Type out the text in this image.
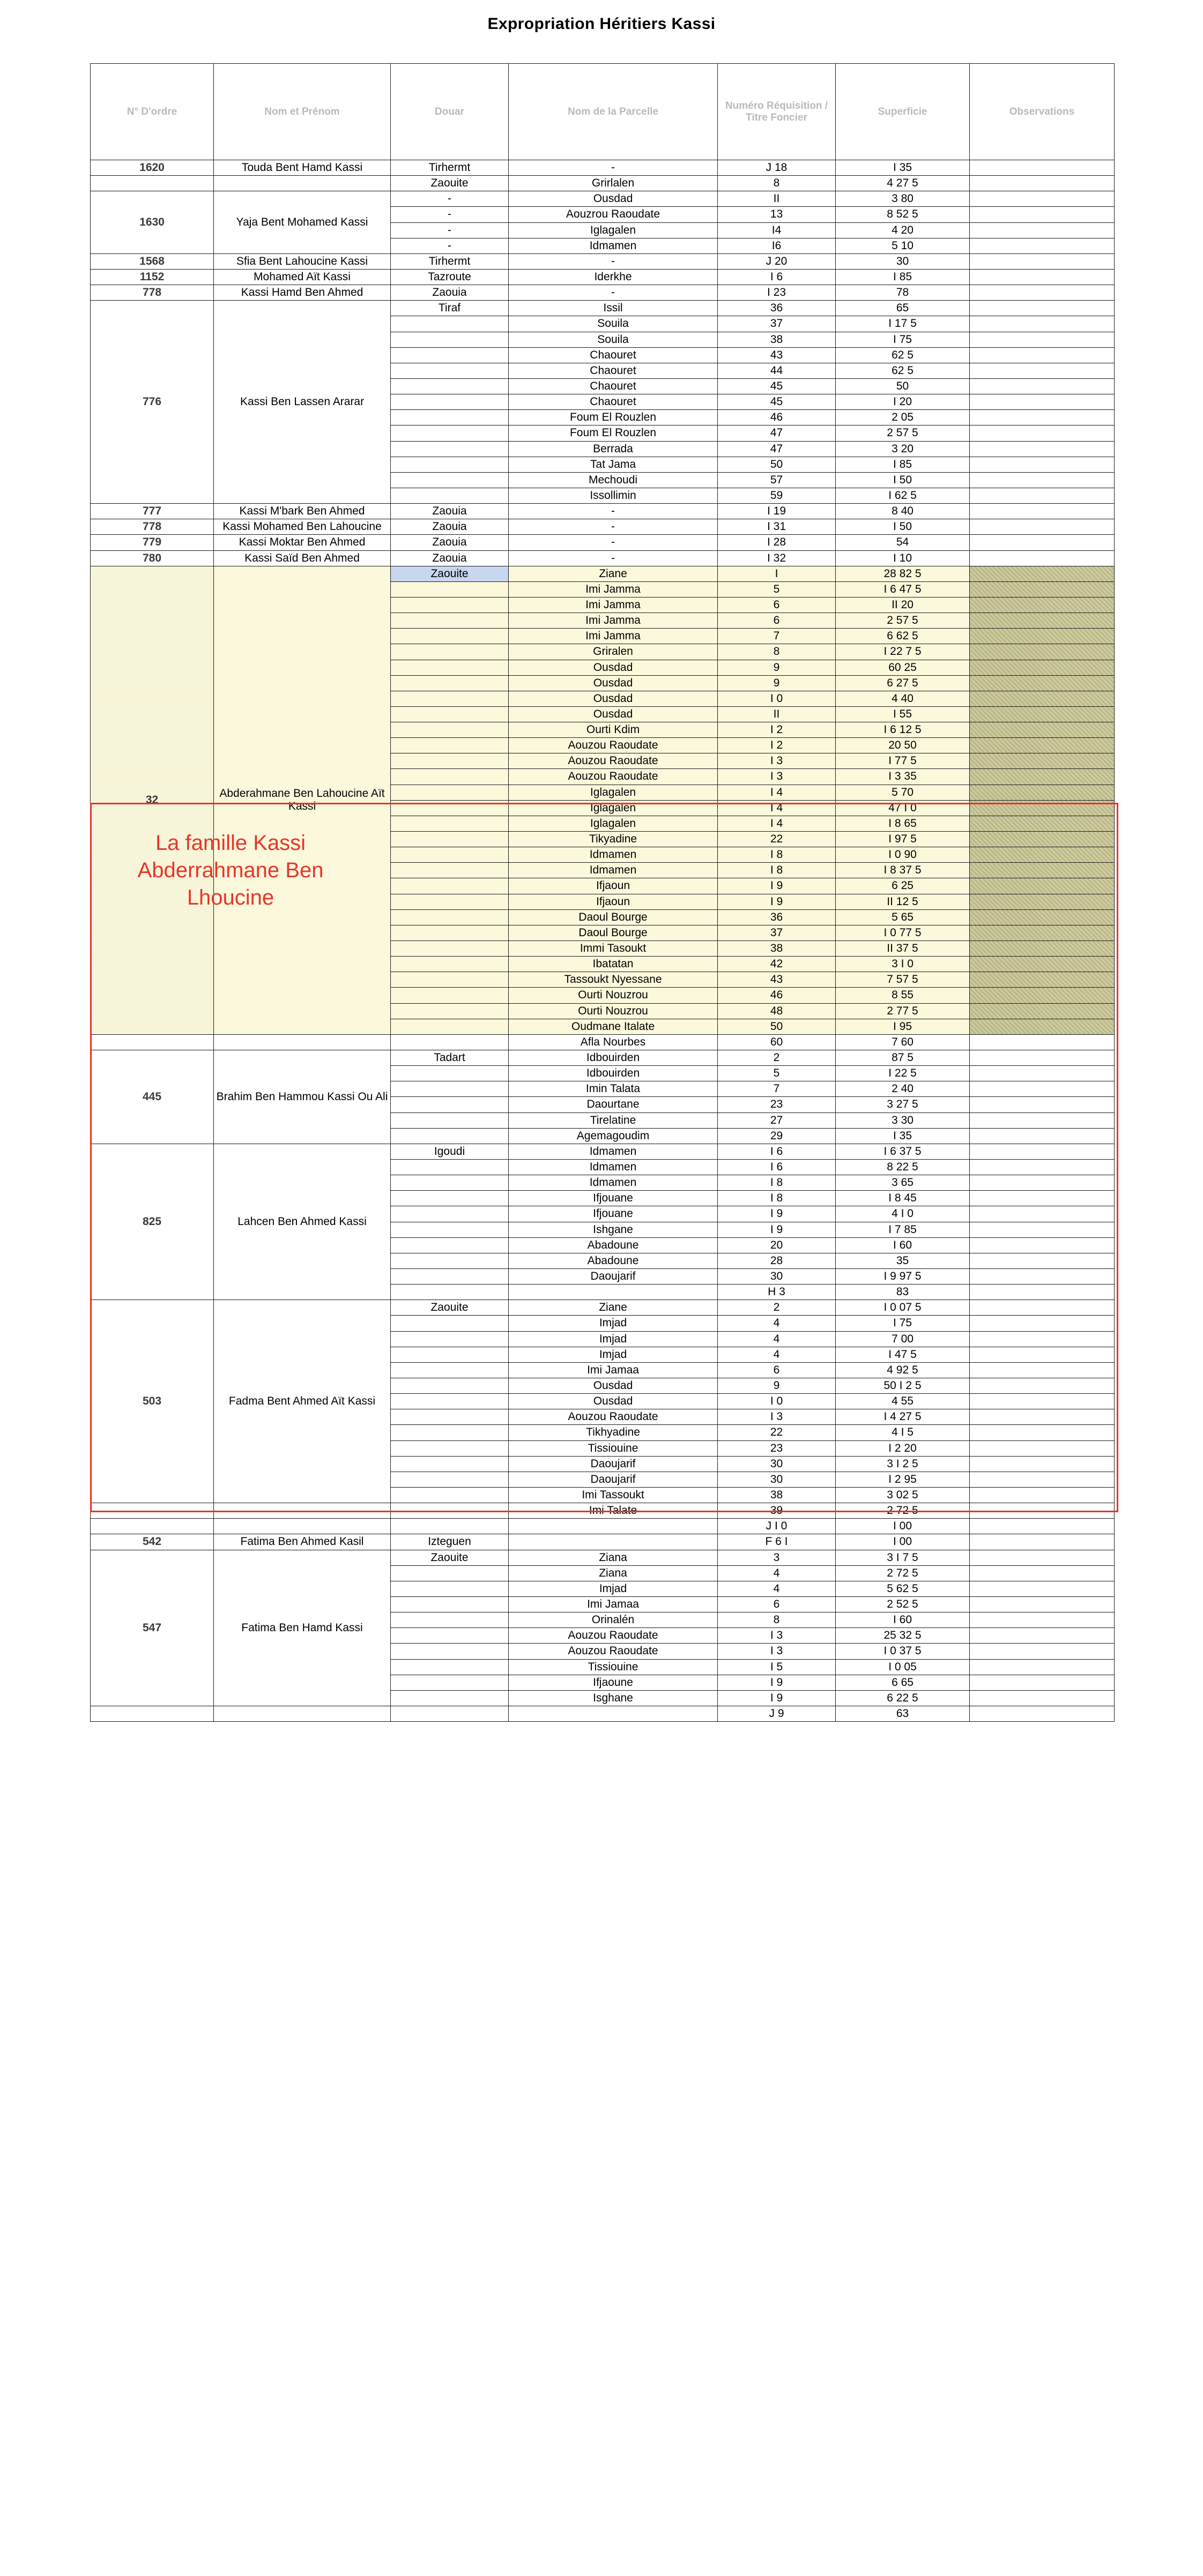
Expropriation Héritiers Kassi
N° D'ordre	Nom et Prénom	Douar	Nom de la Parcelle	Numéro Réquisition / Titre Foncier	Superficie	Observations
1620	Touda Bent Hamd Kassi	Tirhermt	-	J 18	I 35	
		Zaouite	Grirlalen	8	4 27 5	
1630	Yaja Bent Mohamed Kassi	-	Ousdad	II	3 80	
		-	Aouzrou Raoudate	13	8 52 5	
		-	Iglagalen	I4	4 20	
		-	Idmamen	I6	5 10	
1568	Sfia Bent Lahoucine Kassi	Tirhermt	-	J 20	30	
1152	Mohamed Aït Kassi	Tazroute	Iderkhe	I 6	I 85	
778	Kassi Hamd Ben Ahmed	Zaouia	-	I 23	78	
776	Kassi Ben Lassen Ararar	Tiraf	Issil	36	65	
			Souila	37	I 17 5	
			Souila	38	I 75	
			Chaouret	43	62 5	
			Chaouret	44	62 5	
			Chaouret	45	50	
			Chaouret	45	I 20	
			Foum El Rouzlen	46	2 05	
			Foum El Rouzlen	47	2 57 5	
			Berrada	47	3 20	
			Tat Jama	50	I 85	
			Mechoudi	57	I 50	
			Issollimin	59	I 62 5	
777	Kassi M'bark Ben Ahmed	Zaouia	-	I 19	8 40	
778	Kassi Mohamed Ben Lahoucine	Zaouia	-	I 31	I 50	
779	Kassi Moktar Ben Ahmed	Zaouia	-	I 28	54	
780	Kassi Saïd Ben Ahmed	Zaouia	-	I 32	I 10	
32	Abderahmane Ben Lahoucine Aït Kassi	Zaouite	Ziane	I	28 82 5	
			Imi Jamma	5	I 6 47 5	
			Imi Jamma	6	II 20	
			Imi Jamma	6	2 57 5	
			Imi Jamma	7	6 62 5	
			Griralen	8	I 22 7 5	
			Ousdad	9	60 25	
			Ousdad	9	6 27 5	
			Ousdad	I 0	4 40	
			Ousdad	II	I 55	
			Ourti Kdim	I 2	I 6 12 5	
			Aouzou Raoudate	I 2	20 50	
			Aouzou Raoudate	I 3	I 77 5	
			Aouzou Raoudate	I 3	I 3 35	
			Iglagalen	I 4	5 70	
			Iglagalen	I 4	47 I 0	
			Iglagalen	I 4	I 8 65	
			Tikyadine	22	I 97 5	
			Idmamen	I 8	I 0 90	
			Idmamen	I 8	I 8 37 5	
			Ifjaoun	I 9	6 25	
			Ifjaoun	I 9	II 12 5	
			Daoul Bourge	36	5 65	
			Daoul Bourge	37	I 0 77 5	
			Immi Tasoukt	38	II 37 5	
			Ibatatan	42	3 I 0	
			Tassoukt Nyessane	43	7 57 5	
			Ourti Nouzrou	46	8 55	
			Ourti Nouzrou	48	2 77 5	
			Oudmane Italate	50	I 95	
			Afla Nourbes	60	7 60	
445	Brahim Ben Hammou Kassi Ou Ali	Tadart	Idbouirden	2	87 5	
			Idbouirden	5	I 22 5	
			Imin Talata	7	2 40	
			Daourtane	23	3 27 5	
			Tirelatine	27	3 30	
			Agemagoudim	29	I 35	
825	Lahcen Ben Ahmed Kassi	Igoudi	Idmamen	I 6	I 6 37 5	
			Idmamen	I 6	8 22 5	
			Idmamen	I 8	3 65	
			Ifjouane	I 8	I 8 45	
			Ifjouane	I 9	4 I 0	
			Ishgane	I 9	I 7 85	
			Abadoune	20	I 60	
			Abadoune	28	35	
			Daoujarif	30	I 9 97 5	
				H 3	83	
503	Fadma Bent Ahmed Aït Kassi	Zaouite	Ziane	2	I 0 07 5	
			Imjad	4	I 75	
			Imjad	4	7 00	
			Imjad	4	I 47 5	
			Imi Jamaa	6	4 92 5	
			Ousdad	9	50 I 2 5	
			Ousdad	I 0	4 55	
			Aouzou Raoudate	I 3	I 4 27 5	
			Tikhyadine	22	4 I 5	
			Tissiouine	23	I 2 20	
			Daoujarif	30	3 I 2 5	
			Daoujarif	30	I 2 95	
			Imi Tassoukt	38	3 02 5	
			Imi Talate	39	2 72 5	
				J I 0	I 00	
542	Fatima Ben Ahmed Kasil	Izteguen		F 6 I	I 00	
547	Fatima Ben Hamd Kassi	Zaouite	Ziana	3	3 I 7 5	
			Ziana	4	2 72 5	
			Imjad	4	5 62 5	
			Imi Jamaa	6	2 52 5	
			Orinalén	8	I 60	
			Aouzou Raoudate	I 3	25 32 5	
			Aouzou Raoudate	I 3	I 0 37 5	
			Tissiouine	I 5	I 0 05	
			Ifjaoune	I 9	6 65	
			Isghane	I 9	6 22 5	
				J 9	63	
La famille Kassi Abderrahmane Ben Lhoucine
